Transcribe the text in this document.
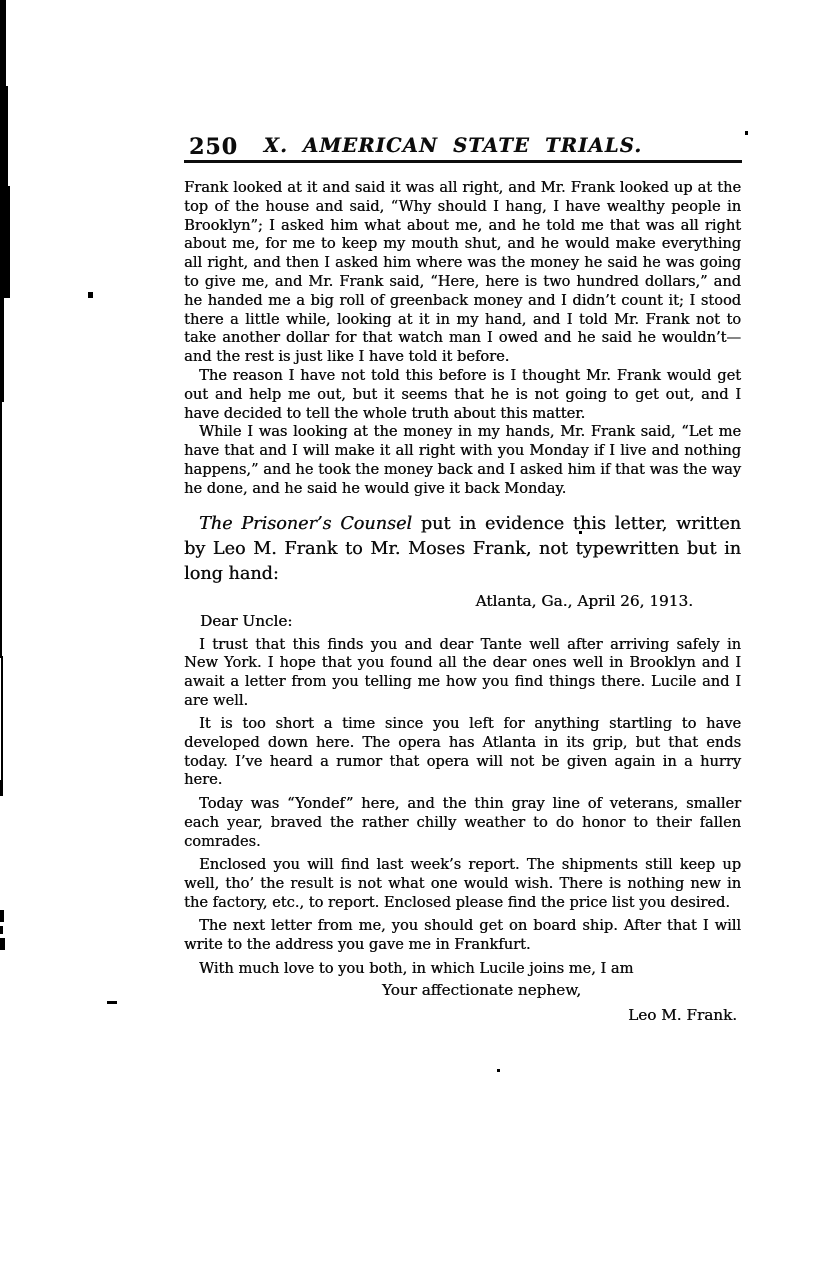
250	X. AMERICAN STATE TRIALS.

Frank looked at it and said it was all right, and Mr. Frank looked up at the top of the house and said, “Why should I hang, I have wealthy people in Brooklyn”; I asked him what about me, and he told me that was all right about me, for me to keep my mouth shut, and he would make everything all right, and then I asked him where was the money he said he was going to give me, and Mr. Frank said, “Here, here is two hundred dollars,” and he handed me a big roll of greenback money and I didn’t count it; I stood there a little while, looking at it in my hand, and I told Mr. Frank not to take another dollar for that watch man I owed and he said he wouldn’t—and the rest is just like I have told it before.

The reason I have not told this before is I thought Mr. Frank would get out and help me out, but it seems that he is not going to get out, and I have decided to tell the whole truth about this matter.

While I was looking at the money in my hands, Mr. Frank said, “Let me have that and I will make it all right with you Monday if I live and nothing happens,” and he took the money back and I asked him if that was the way he done, and he said he would give it back Monday.

The Prisoner’s Counsel put in evidence this letter, written by Leo M. Frank to Mr. Moses Frank, not typewritten but in long hand:

Atlanta, Ga., April 26, 1913.

Dear Uncle:

I trust that this finds you and dear Tante well after arriving safely in New York. I hope that you found all the dear ones well in Brooklyn and I await a letter from you telling me how you find things there. Lucile and I are well.

It is too short a time since you left for anything startling to have developed down here. The opera has Atlanta in its grip, but that ends today. I’ve heard a rumor that opera will not be given again in a hurry here.

Today was “Yondef” here, and the thin gray line of veterans, smaller each year, braved the rather chilly weather to do honor to their fallen comrades.

Enclosed you will find last week’s report. The shipments still keep up well, tho’ the result is not what one would wish. There is nothing new in the factory, etc., to report. Enclosed please find the price list you desired.

The next letter from me, you should get on board ship. After that I will write to the address you gave me in Frankfurt.

With much love to you both, in which Lucile joins me, I am

Your affectionate nephew,

Leo M. Frank.
